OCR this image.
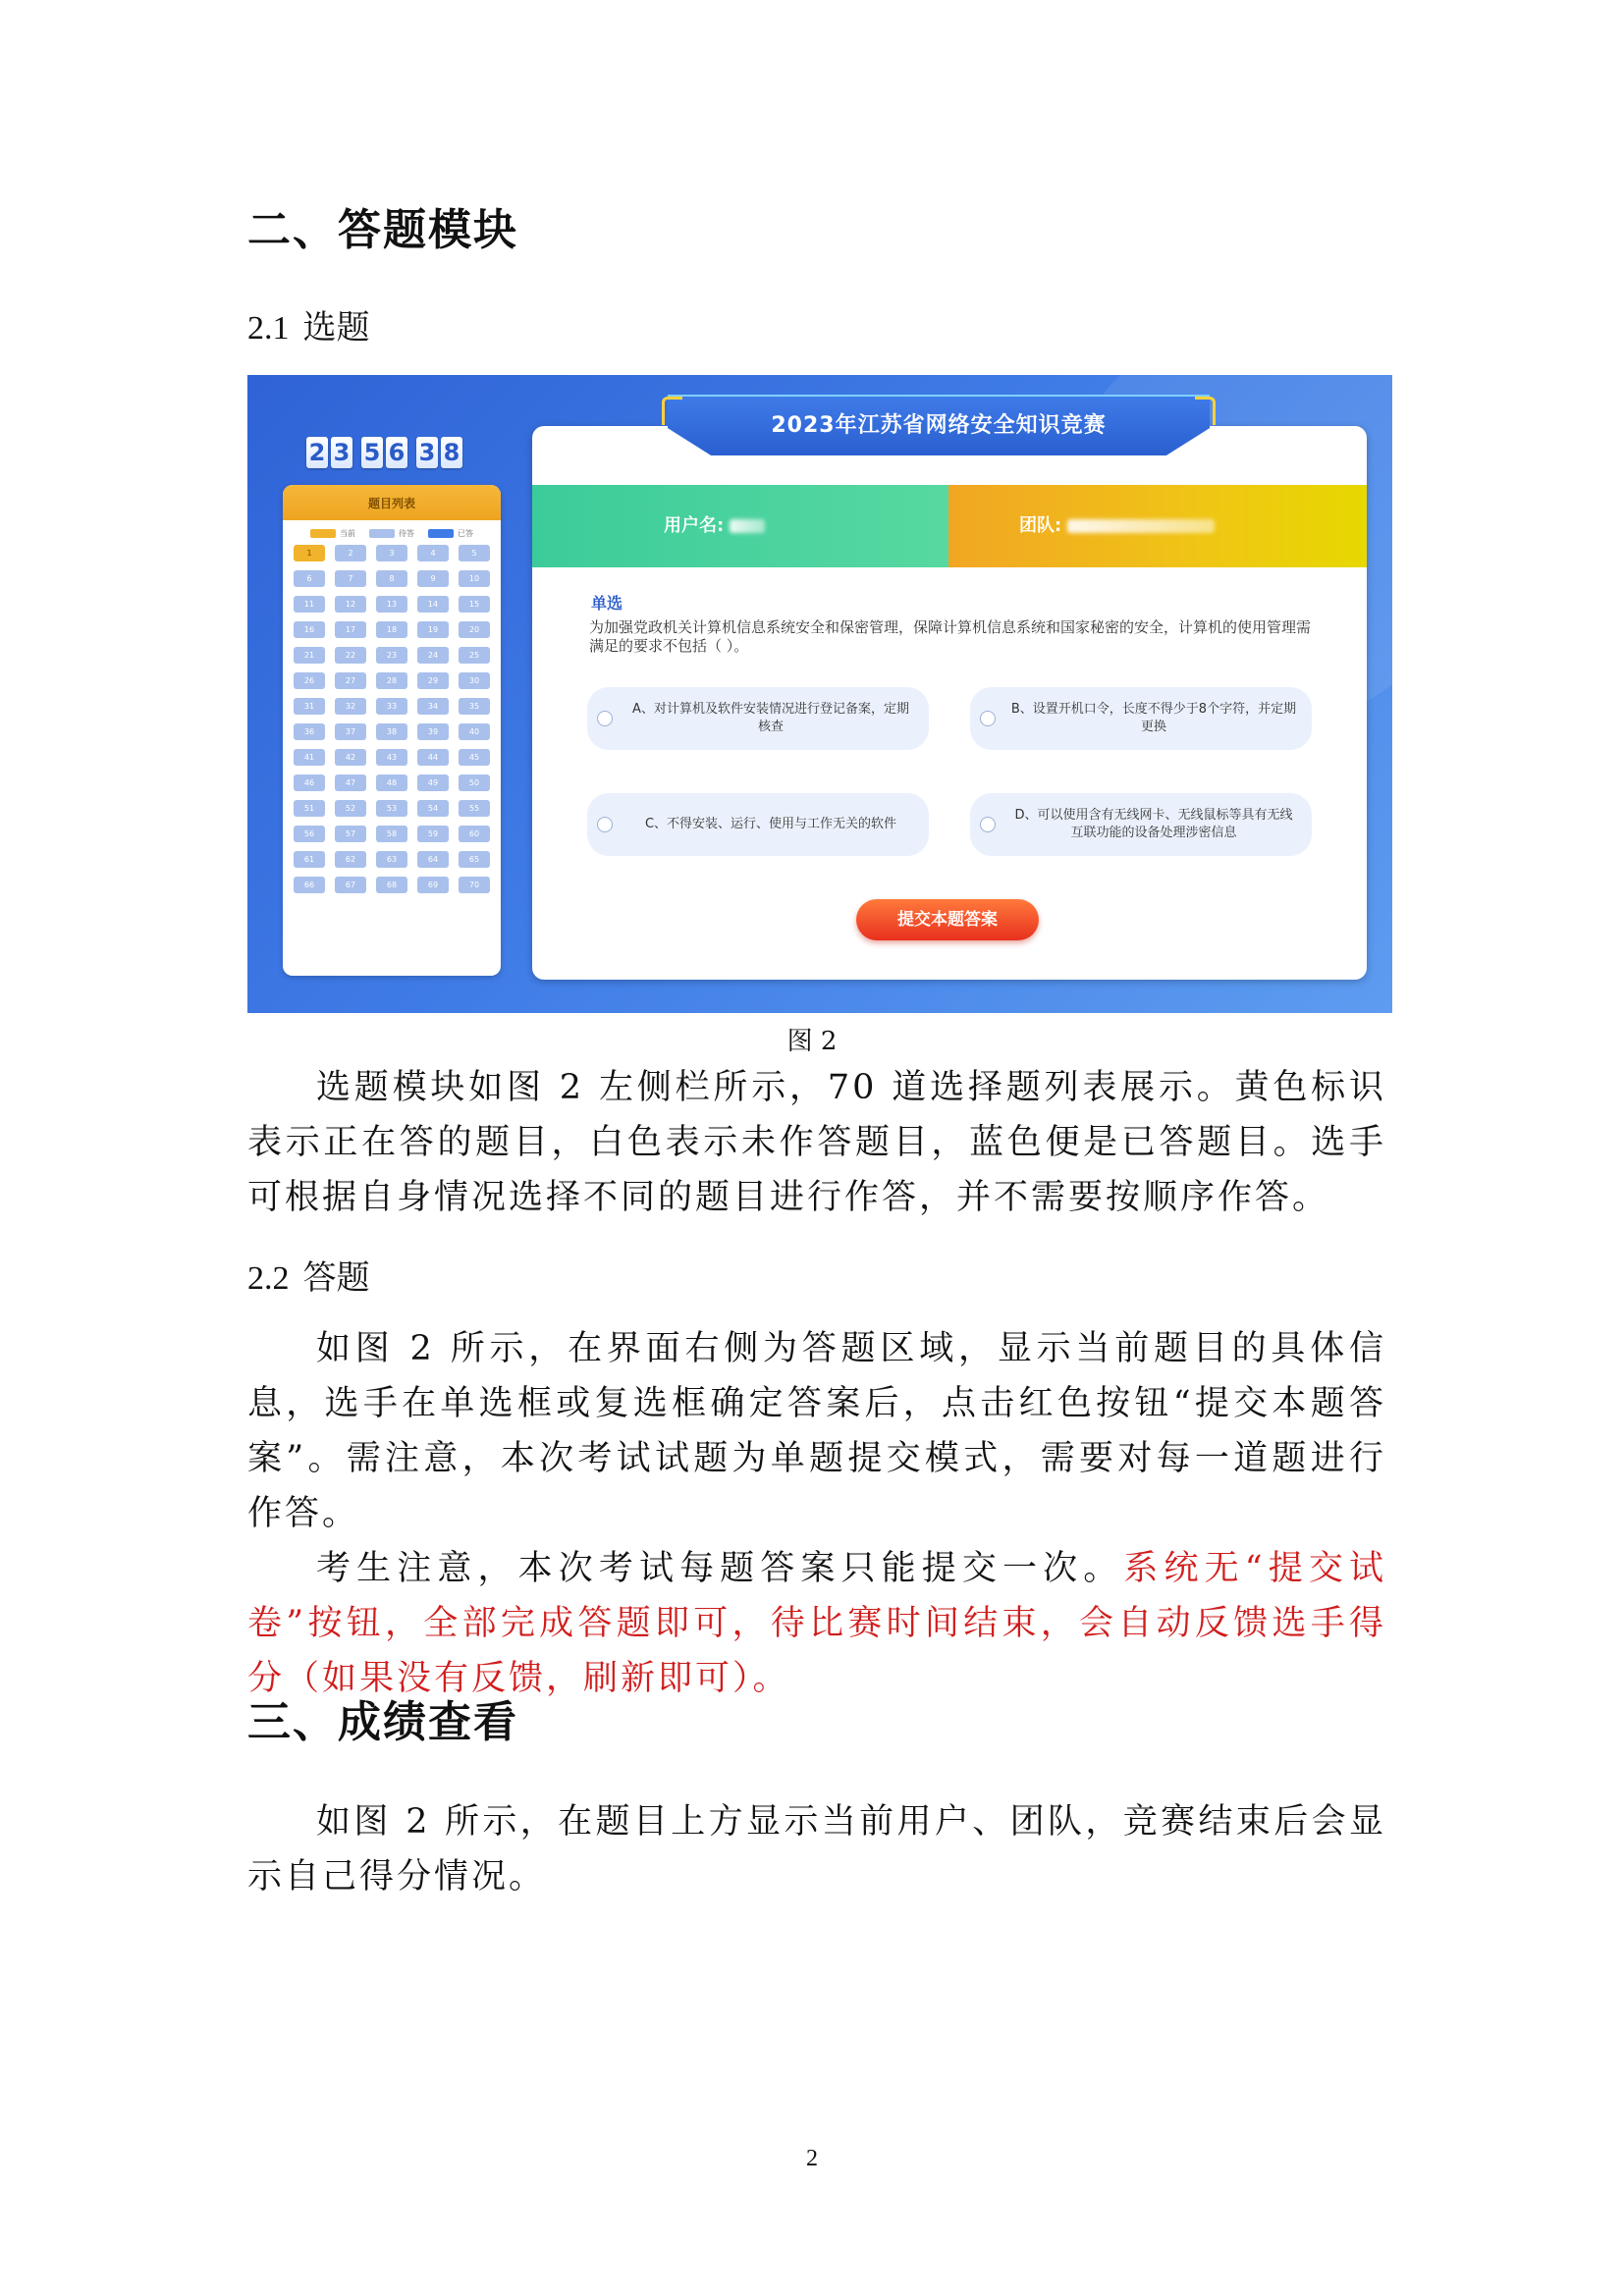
二、答题模块
2.1 选题
2 3 5 6 3 8
题目列表
当前	待答	已答
1	2	3	4	5
6	7	8	9	10
11	12	13	14	15
16	17	18	19	20
21	22	23	24	25
26	27	28	29	30
31	32	33	34	35
36	37	38	39	40
41	42	43	44	45
46	47	48	49	50
51	52	53	54	55
56	57	58	59	60
61	62	63	64	65
66	67	68	69	70
用户名:	团队:
单选
为加强党政机关计算机信息系统安全和保密管理，保障计算机信息系统和国家秘密的安全，计算机的使用管理需满足的要求不包括（ ）。
A、对计算机及软件安装情况进行登记备案，定期核查
B、设置开机口令，长度不得少于8个字符，并定期更换
C、不得安装、运行、使用与工作无关的软件
D、可以使用含有无线网卡、无线鼠标等具有无线互联功能的设备处理涉密信息
提交本题答案
2023年江苏省网络安全知识竞赛
图 2

选题模块如图 2 左侧栏所示，70 道选择题列表展示。黄色标识表示正在答的题目，白色表示未作答题目，蓝色便是已答题目。选手可根据自身情况选择不同的题目进行作答，并不需要按顺序作答。

2.2 答题

如图 2 所示，在界面右侧为答题区域，显示当前题目的具体信息，选手在单选框或复选框确定答案后，点击红色按钮“提交本题答案”。需注意，本次考试试题为单题提交模式，需要对每一道题进行作答。

考生注意，本次考试每题答案只能提交一次。系统无“提交试卷”按钮，全部完成答题即可，待比赛时间结束，会自动反馈选手得分（如果没有反馈，刷新即可）。

三、成绩查看

如图 2 所示，在题目上方显示当前用户、团队，竞赛结束后会显示自己得分情况。

2
